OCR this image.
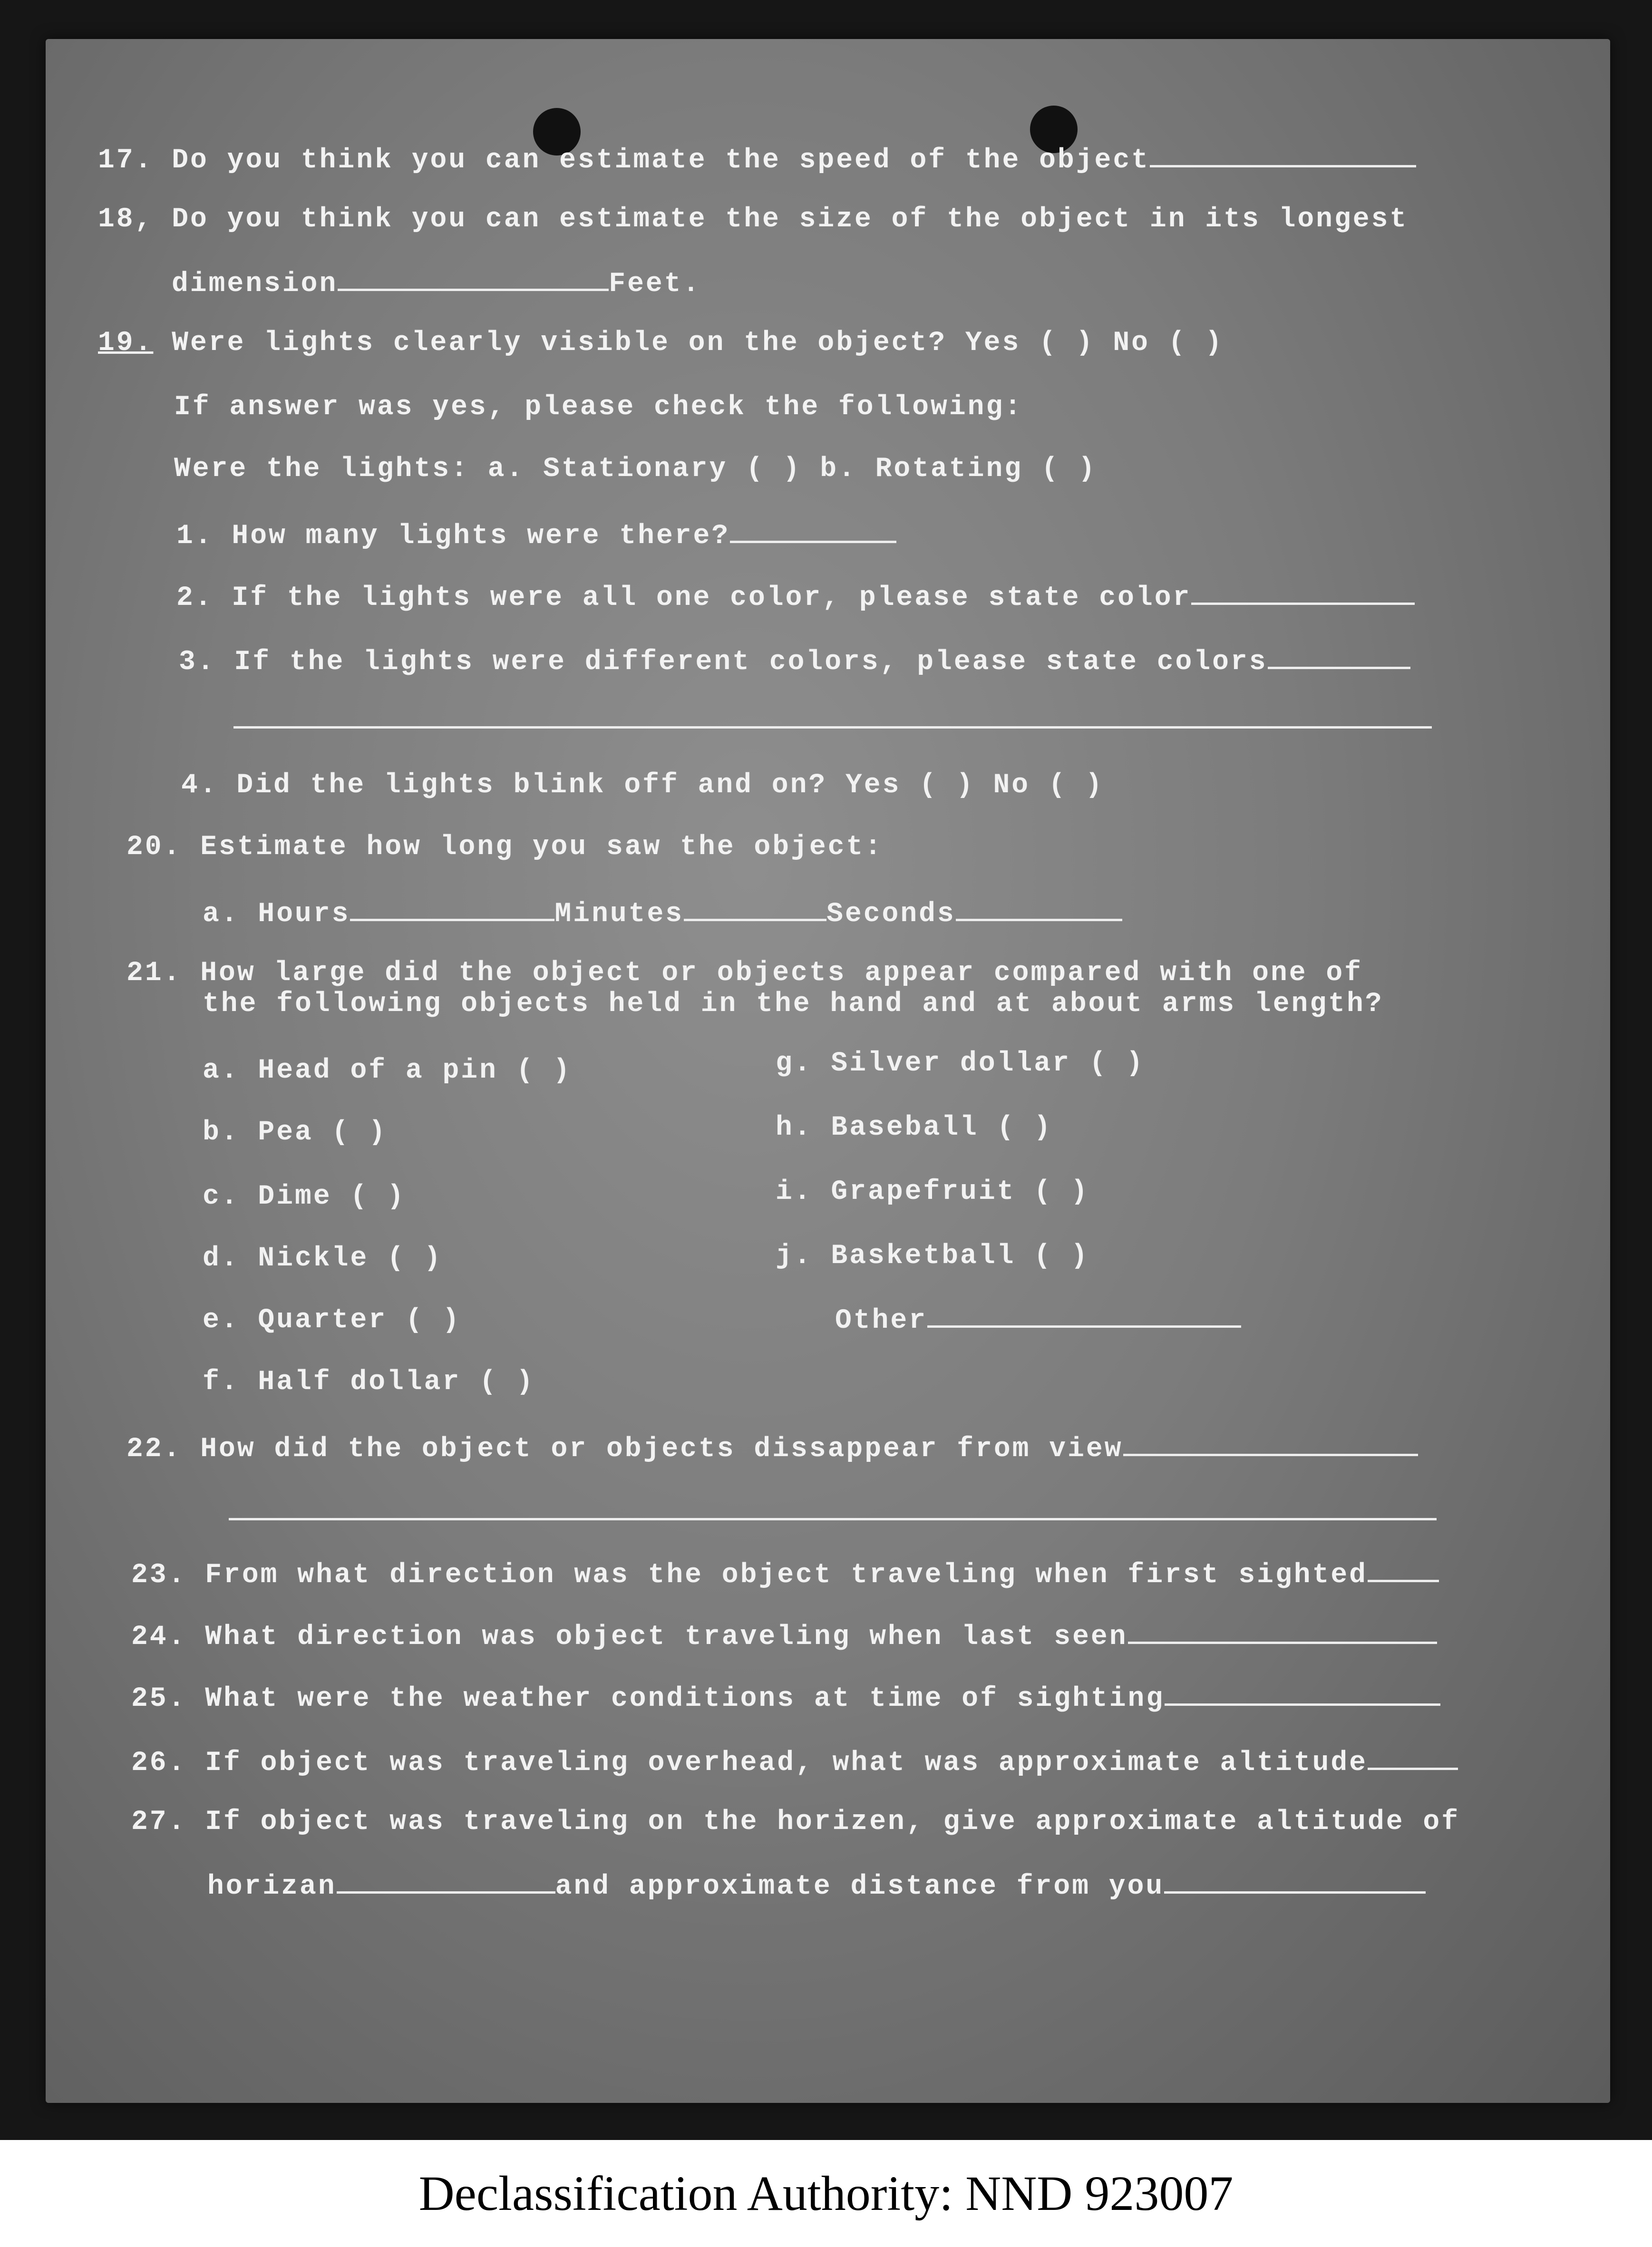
17. Do you think you can estimate the speed of the object
18, Do you think you can estimate the size of the object in its longest
dimension	Feet.
19. Were lights clearly visible on the object? Yes ( ) No ( )
If answer was yes, please check the following:
Were the lights: a. Stationary ( ) b. Rotating ( )
1. How many lights were there?
2. If the lights were all one color, please state color
3. If the lights were different colors, please state colors
4. Did the lights blink off and on? Yes ( ) No ( )
20. Estimate how long you saw the object:
a. Hours	Minutes	Seconds
21. How large did the object or objects appear compared with one of
the following objects held in the hand and at about arms length?
a. Head of a pin ( )
b. Pea ( )
c. Dime ( )
d. Nickle ( )
e. Quarter ( )
f. Half dollar ( )
g. Silver dollar ( )
h. Baseball ( )
i. Grapefruit ( )
j. Basketball ( )
Other
22. How did the object or objects dissappear from view
23. From what direction was the object traveling when first sighted
24. What direction was object traveling when last seen
25. What were the weather conditions at time of sighting
26. If object was traveling overhead, what was approximate altitude
27. If object was traveling on the horizen, give approximate altitude of
horizan	and approximate distance from you
Declassification Authority: NND 923007
